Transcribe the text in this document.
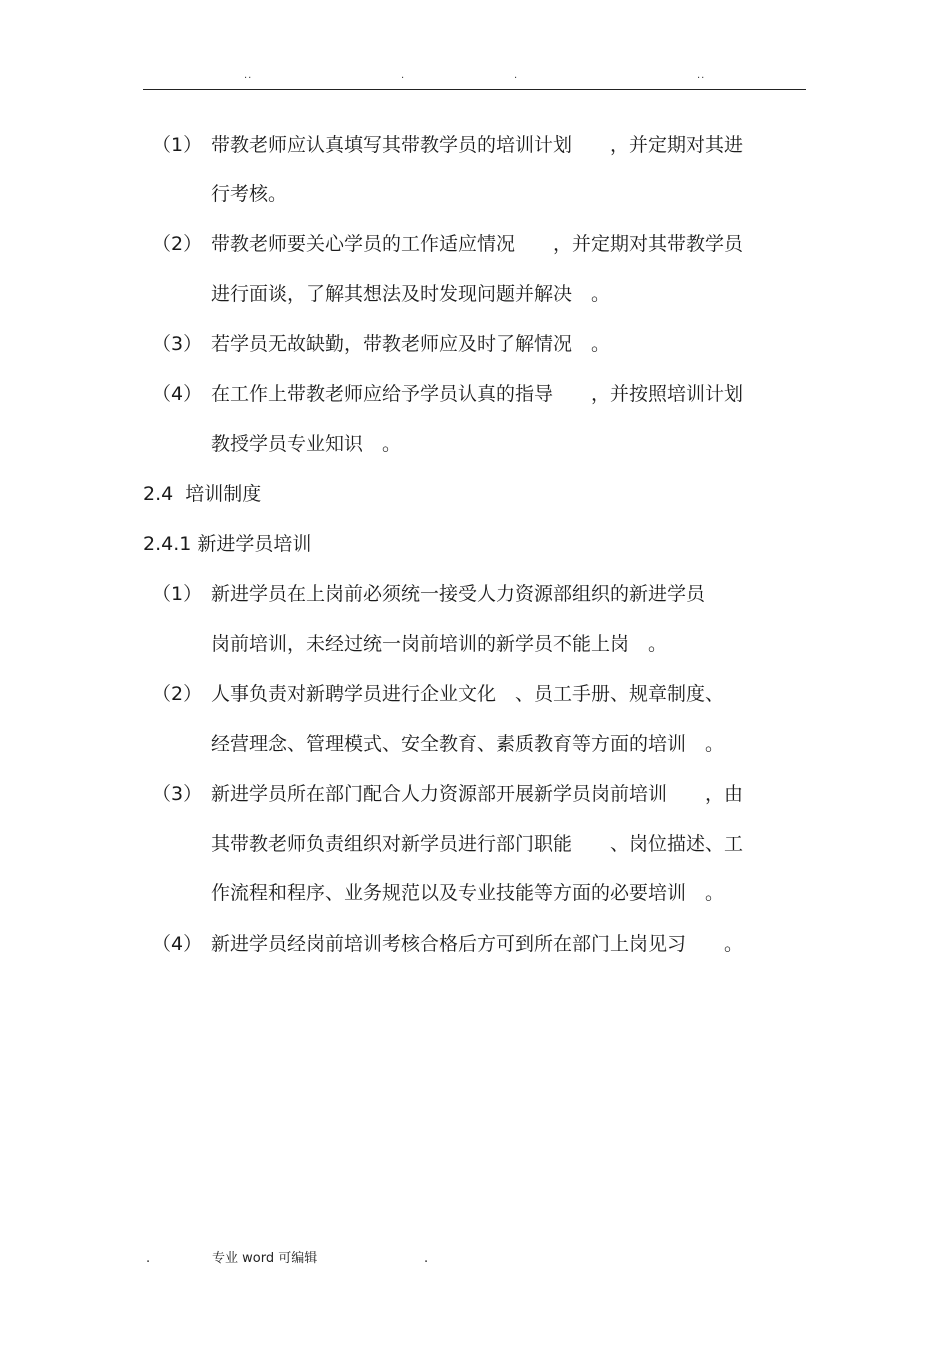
..	.	.	..
（1） 带教老师应认真填写其带教学员的培训计划　　，并定期对其进
行考核。
（2） 带教老师要关心学员的工作适应情况　　，并定期对其带教学员
进行面谈，了解其想法及时发现问题并解决　。
（3） 若学员无故缺勤，带教老师应及时了解情况　。
（4） 在工作上带教老师应给予学员认真的指导　　，并按照培训计划
教授学员专业知识　。
2.4  培训制度
2.4.1 新进学员培训
（1） 新进学员在上岗前必须统一接受人力资源部组织的新进学员
岗前培训，未经过统一岗前培训的新学员不能上岗　。
（2） 人事负责对新聘学员进行企业文化　、员工手册、规章制度、
经营理念、管理模式、安全教育、素质教育等方面的培训　。
（3） 新进学员所在部门配合人力资源部开展新学员岗前培训　　，由
其带教老师负责组织对新学员进行部门职能　　、岗位描述、工
作流程和程序、业务规范以及专业技能等方面的必要培训　。
（4） 新进学员经岗前培训考核合格后方可到所在部门上岗见习　　。
.	专业 word 可编辑	.
